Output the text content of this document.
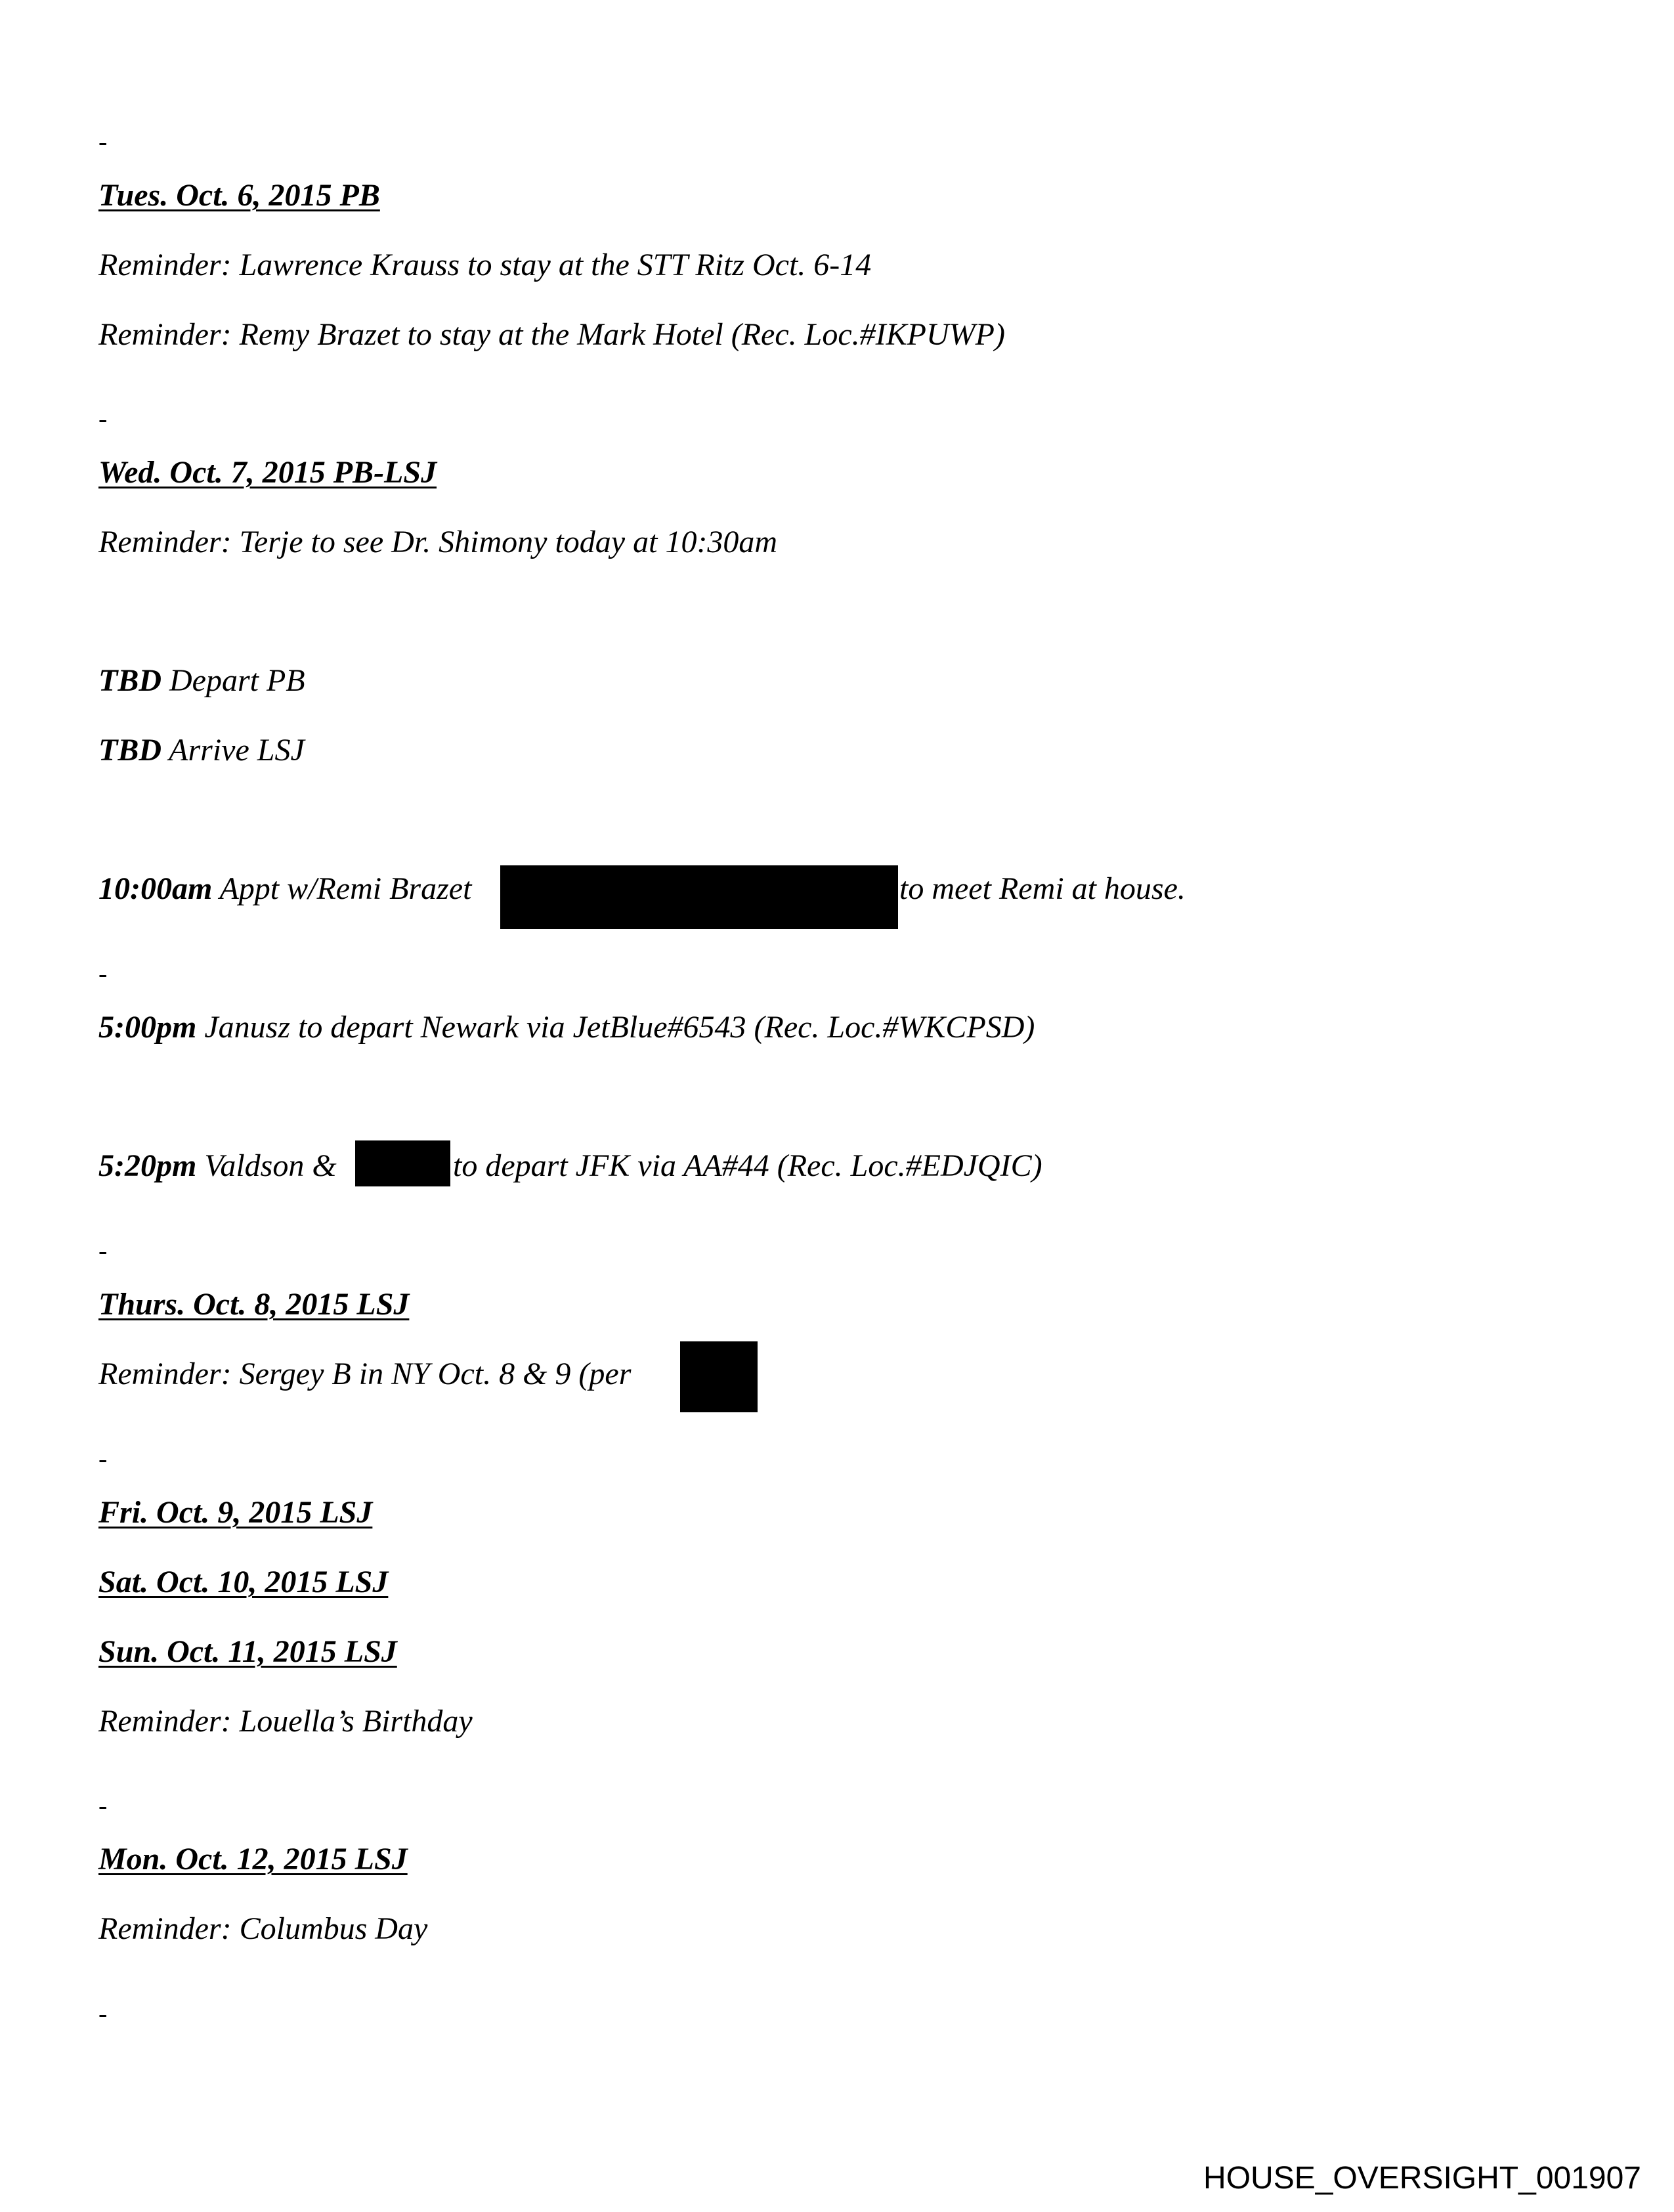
-
Tues. Oct. 6, 2015 PB
Reminder: Lawrence Krauss to stay at the STT Ritz Oct. 6-14
Reminder: Remy Brazet to stay at the Mark Hotel (Rec. Loc.#IKPUWP)
-
Wed. Oct. 7, 2015 PB-LSJ
Reminder: Terje to see Dr. Shimony today at 10:30am
TBD Depart PB
TBD Arrive LSJ
10:00am Appt w/Remi Brazet	to meet Remi at house.
-
5:00pm Janusz to depart Newark via JetBlue#6543 (Rec. Loc.#WKCPSD)
5:20pm Valdson &	to depart JFK via AA#44 (Rec. Loc.#EDJQIC)
-
Thurs. Oct. 8, 2015 LSJ
Reminder: Sergey B in NY Oct. 8 & 9 (per
-
Fri. Oct. 9, 2015 LSJ
Sat. Oct. 10, 2015 LSJ
Sun. Oct. 11, 2015 LSJ
Reminder: Louella’s Birthday
-
Mon. Oct. 12, 2015 LSJ
Reminder: Columbus Day
-
HOUSE_OVERSIGHT_001907
